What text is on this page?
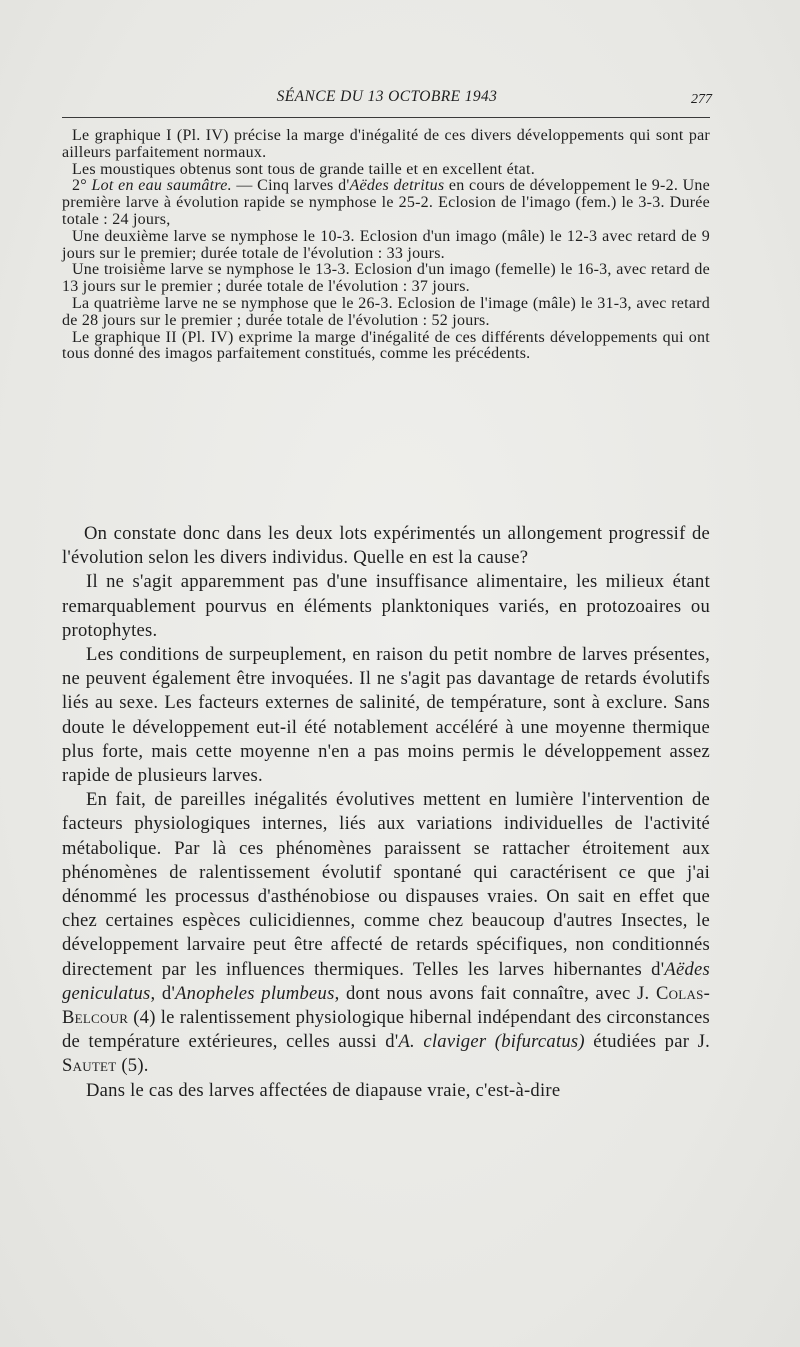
SÉANCE DU 13 OCTOBRE 1943	277

Le graphique I (Pl. IV) précise la marge d'inégalité de ces divers développements qui sont par ailleurs parfaitement normaux.

Les moustiques obtenus sont tous de grande taille et en excellent état.

2° Lot en eau saumâtre. — Cinq larves d'Aëdes detritus en cours de développement le 9-2. Une première larve à évolution rapide se nymphose le 25-2. Eclosion de l'imago (fem.) le 3-3. Durée totale : 24 jours,

Une deuxième larve se nymphose le 10-3. Eclosion d'un imago (mâle) le 12-3 avec retard de 9 jours sur le premier; durée totale de l'évolution : 33 jours.

Une troisième larve se nymphose le 13-3. Eclosion d'un imago (femelle) le 16-3, avec retard de 13 jours sur le premier ; durée totale de l'évolution : 37 jours.

La quatrième larve ne se nymphose que le 26-3. Eclosion de l'image (mâle) le 31-3, avec retard de 28 jours sur le premier ; durée totale de l'évolution : 52 jours.

Le graphique II (Pl. IV) exprime la marge d'inégalité de ces différents développements qui ont tous donné des imagos parfaitement constitués, comme les précédents.

On constate donc dans les deux lots expérimentés un allongement progressif de l'évolution selon les divers individus. Quelle en est la cause?

Il ne s'agit apparemment pas d'une insuffisance alimentaire, les milieux étant remarquablement pourvus en éléments planktoniques variés, en protozoaires ou protophytes.

Les conditions de surpeuplement, en raison du petit nombre de larves présentes, ne peuvent également être invoquées. Il ne s'agit pas davantage de retards évolutifs liés au sexe. Les facteurs externes de salinité, de température, sont à exclure. Sans doute le développement eut-il été notablement accéléré à une moyenne thermique plus forte, mais cette moyenne n'en a pas moins permis le développement assez rapide de plusieurs larves.

En fait, de pareilles inégalités évolutives mettent en lumière l'intervention de facteurs physiologiques internes, liés aux variations individuelles de l'activité métabolique. Par là ces phénomènes paraissent se rattacher étroitement aux phénomènes de ralentissement évolutif spontané qui caractérisent ce que j'ai dénommé les processus d'asthénobiose ou dispauses vraies. On sait en effet que chez certaines espèces culicidiennes, comme chez beaucoup d'autres Insectes, le développement larvaire peut être affecté de retards spécifiques, non conditionnés directement par les influences thermiques. Telles les larves hibernantes d'Aëdes geniculatus, d'Anopheles plumbeus, dont nous avons fait connaître, avec J. Colas-Belcour (4) le ralentissement physiologique hibernal indépendant des circonstances de température extérieures, celles aussi d'A. claviger (bifurcatus) étudiées par J. Sautet (5).

Dans le cas des larves affectées de diapause vraie, c'est-à-dire
